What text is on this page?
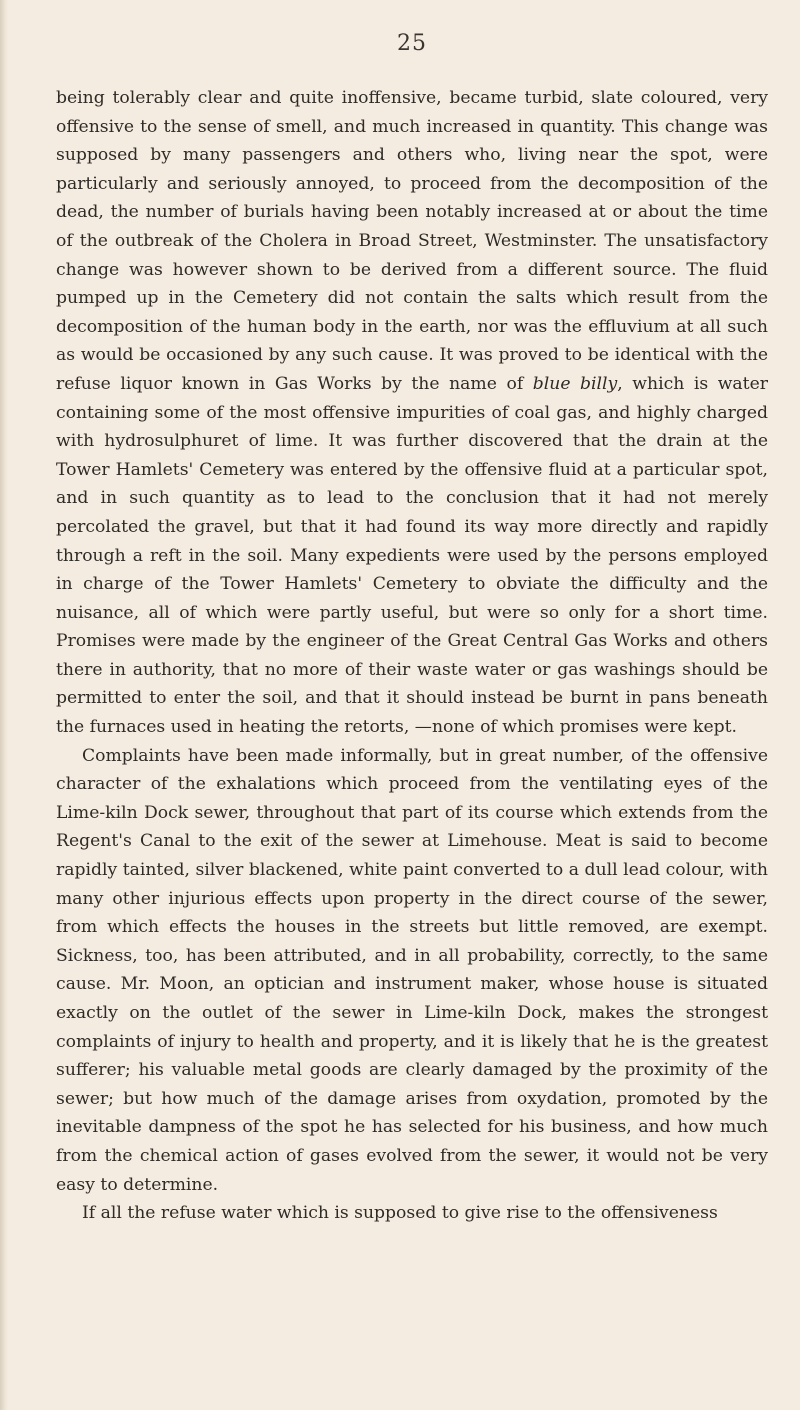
25

being tolerably clear and quite inoffensive, became turbid, slate coloured, very offensive to the sense of smell, and much increased in quantity. This change was supposed by many passengers and others who, living near the spot, were particularly and seriously annoyed, to proceed from the decomposition of the dead, the number of burials having been notably increased at or about the time of the outbreak of the Cholera in Broad Street, Westminster. The unsatisfactory change was however shown to be derived from a different source. The fluid pumped up in the Cemetery did not contain the salts which result from the decomposition of the human body in the earth, nor was the effluvium at all such as would be occasioned by any such cause. It was proved to be identical with the refuse liquor known in Gas Works by the name of blue billy, which is water containing some of the most offensive impurities of coal gas, and highly charged with hydrosulphuret of lime. It was further discovered that the drain at the Tower Hamlets' Cemetery was entered by the offensive fluid at a particular spot, and in such quantity as to lead to the conclusion that it had not merely percolated the gravel, but that it had found its way more directly and rapidly through a reft in the soil. Many expedients were used by the persons employed in charge of the Tower Hamlets' Cemetery to obviate the difficulty and the nuisance, all of which were partly useful, but were so only for a short time. Promises were made by the engineer of the Great Central Gas Works and others there in authority, that no more of their waste water or gas washings should be permitted to enter the soil, and that it should instead be burnt in pans beneath the furnaces used in heating the retorts, —none of which promises were kept.

Complaints have been made informally, but in great number, of the offensive character of the exhalations which proceed from the ventilating eyes of the Lime-kiln Dock sewer, throughout that part of its course which extends from the Regent's Canal to the exit of the sewer at Limehouse. Meat is said to become rapidly tainted, silver blackened, white paint converted to a dull lead colour, with many other injurious effects upon property in the direct course of the sewer, from which effects the houses in the streets but little removed, are exempt. Sickness, too, has been attributed, and in all probability, correctly, to the same cause. Mr. Moon, an optician and instrument maker, whose house is situated exactly on the outlet of the sewer in Lime-kiln Dock, makes the strongest complaints of injury to health and property, and it is likely that he is the greatest sufferer; his valuable metal goods are clearly damaged by the proximity of the sewer; but how much of the damage arises from oxydation, promoted by the inevitable dampness of the spot he has selected for his business, and how much from the chemical action of gases evolved from the sewer, it would not be very easy to determine.

If all the refuse water which is supposed to give rise to the offensiveness
